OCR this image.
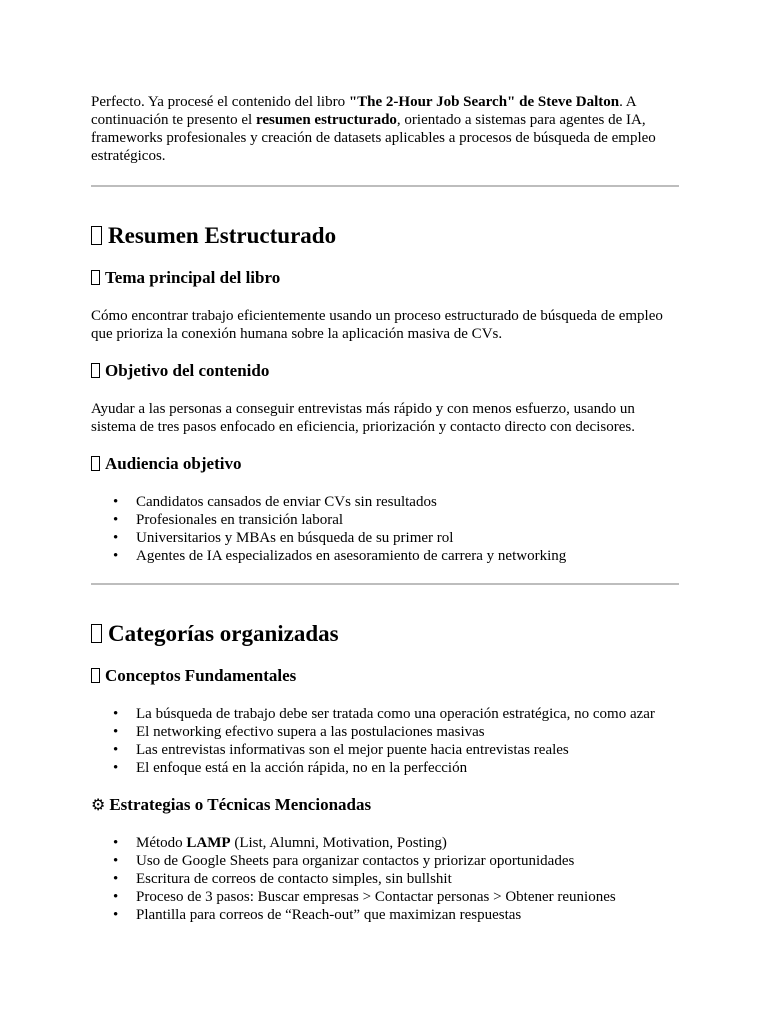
Perfecto. Ya procesé el contenido del libro "The 2-Hour Job Search" de Steve Dalton. A continuación te presento el resumen estructurado, orientado a sistemas para agentes de IA, frameworks profesionales y creación de datasets aplicables a procesos de búsqueda de empleo estratégicos.

Resumen Estructurado
Tema principal del libro

Cómo encontrar trabajo eficientemente usando un proceso estructurado de búsqueda de empleo que prioriza la conexión humana sobre la aplicación masiva de CVs.

Objetivo del contenido

Ayudar a las personas a conseguir entrevistas más rápido y con menos esfuerzo, usando un sistema de tres pasos enfocado en eficiencia, priorización y contacto directo con decisores.

Audiencia objetivo
• Candidatos cansados de enviar CVs sin resultados
• Profesionales en transición laboral
• Universitarios y MBAs en búsqueda de su primer rol
• Agentes de IA especializados en asesoramiento de carrera y networking
Categorías organizadas
Conceptos Fundamentales
• La búsqueda de trabajo debe ser tratada como una operación estratégica, no como azar
• El networking efectivo supera a las postulaciones masivas
• Las entrevistas informativas son el mejor puente hacia entrevistas reales
• El enfoque está en la acción rápida, no en la perfección
⚙ Estrategias o Técnicas Mencionadas
• Método LAMP (List, Alumni, Motivation, Posting)
• Uso de Google Sheets para organizar contactos y priorizar oportunidades
• Escritura de correos de contacto simples, sin bullshit
• Proceso de 3 pasos: Buscar empresas > Contactar personas > Obtener reuniones
• Plantilla para correos de “Reach-out” que maximizan respuestas
